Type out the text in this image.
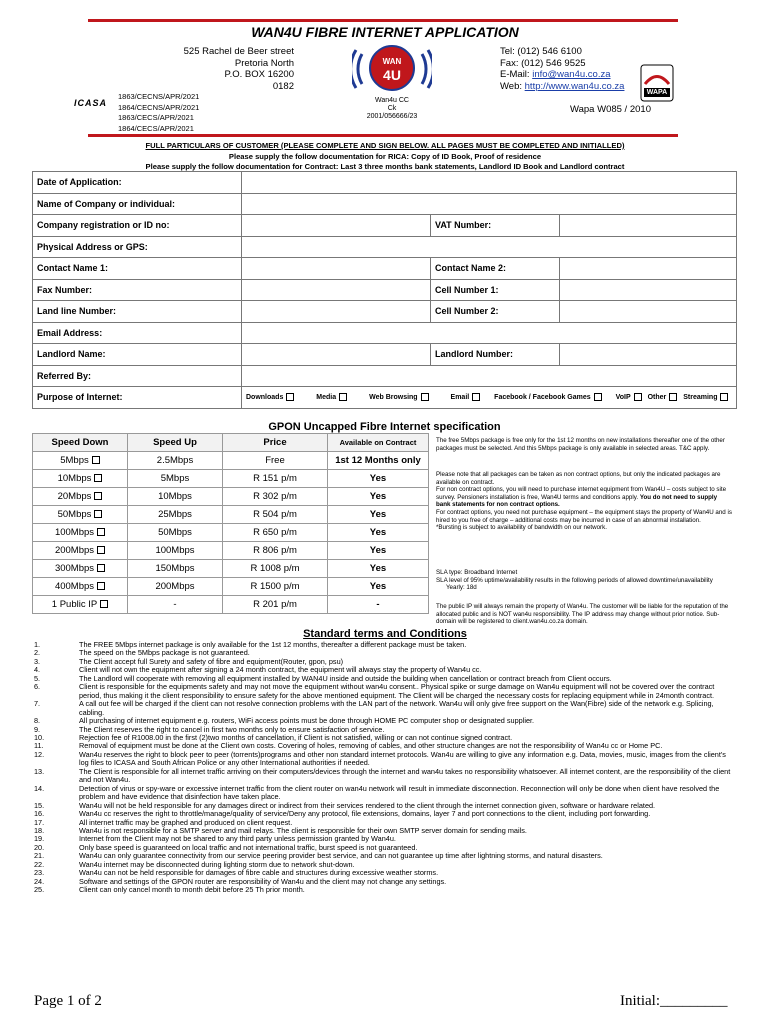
WAN4U FIBRE INTERNET APPLICATION
525 Rachel de Beer street
Pretoria North
P.O. BOX 16200
0182
1863/CECNS/APR/2021
1864/CECNS/APR/2021
1863/CECS/APR/2021
1864/CECS/APR/2021
ICASA
WAN
4U
Wan4u CC
Ck 2001/056666/23
Tel: (012) 546 6100
Fax: (012) 546 9525
E-Mail: info@wan4u.co.za
Web: http://www.wan4u.co.za
WAPA
Wapa W085 / 2010
FULL PARTICULARS OF CUSTOMER (PLEASE COMPLETE AND SIGN BELOW. ALL PAGES MUST BE COMPLETED AND INITIALLED)
Please supply the follow documentation for RICA: Copy of ID Book, Proof of residence
Please supply the follow documentation for Contract: Last 3 three months bank statements, Landlord ID Book and Landlord contract
Date of Application:			
Name of Company or individual:			
Company registration or ID no:		VAT Number:	
Physical Address or GPS:			
Contact Name 1:		Contact Name 2:	
Fax Number:		Cell Number 1:	
Land line Number:		Cell Number 2:	
Email Address:			
Landlord Name:		Landlord Number:	
Referred By:			
Purpose of Internet:	Downloads Media Web Browsing Email Facebook / Facebook Games VoIP Other Streaming		
GPON Uncapped Fibre Internet specification
Speed Down	Speed Up	Price	Available on Contract
5Mbps	2.5Mbps	Free	1st 12 Months only
10Mbps	5Mbps	R 151 p/m	Yes
20Mbps	10Mbps	R 302 p/m	Yes
50Mbps	25Mbps	R 504 p/m	Yes
100Mbps	50Mbps	R 650 p/m	Yes
200Mbps	100Mbps	R 806 p/m	Yes
300Mbps	150Mbps	R 1008 p/m	Yes
400Mbps	200Mbps	R 1500 p/m	Yes
1 Public IP	-	R 201 p/m	-
The free 5Mbps package is free only for the 1st 12 months on new installations thereafter one of the other packages must be selected. And this 5Mbps package is only available in selected areas. T&C apply.
Please note that all packages can be taken as non contract options, but only the indicated packages are available on contract.
For non contract options, you will need to purchase internet equipment from Wan4U – costs subject to site survey. Pensioners installation is free, Wan4U terms and conditions apply. You do not need to supply bank statements for non contract options.
For contract options, you need not purchase equipment – the equipment stays the property of Wan4U and is hired to you free of charge – additional costs may be incurred in case of an abnormal installation.
*Bursting is subject to availability of bandwidth on our network.
SLA type: Broadband Internet
SLA level of 95% uptime/availability results in the following periods of allowed downtime/unavailability
Yearly: 18d
The public IP will always remain the property of Wan4u. The customer will be liable for the reputation of the allocated public and is NOT wan4u responsibility. The IP address may change without prior notice. Sub-domain will be registered to client.wan4u.co.za domain.
Standard terms and Conditions
1.	The FREE 5Mbps internet package is only available for the 1st 12 months, thereafter a different package must be taken.
2.	The speed on the 5Mbps package is not guaranteed.
3.	The Client accept full Surety and safety of fibre and equipment(Router, gpon, psu)
4.	Client will not own the equipment after signing a 24 month contract, the equipment will always stay the property of Wan4u cc.
5.	The Landlord will cooperate with removing all equipment installed by WAN4U inside and outside the building when cancellation or contract breach from Client occurs.
6.	Client is responsible for the equipments safety and may not move the equipment without wan4u consent.. Physical spike or surge damage on Wan4u equipment will not be covered over the contract period, thus making it the client responsibility to ensure safety for the above mentioned equipment. The Client will be charged the necessary costs for replacing equipment while in 24month contract.
7.	A call out fee will be charged if the client can not resolve connection problems with the LAN part of the network. Wan4u will only give free support on the Wan(Fibre) side of the network e.g. Splicing, cabling.
8.	All purchasing of internet equipment e.g. routers, WiFi access points must be done through HOME PC computer shop or designated supplier.
9.	The Client reserves the right to cancel in first two months only to ensure satisfaction of service.
10.	Rejection fee of R1008.00 in the first (2)two months of cancellation, if Client is not satisfied, willing or can not continue signed contract.
11.	Removal of equipment must be done at the Client own costs. Covering of holes, removing of cables, and other structure changes are not the responsibility of Wan4u cc or Home PC.
12.	Wan4u reserves the right to block peer to peer (torrents)programs and other non standard internet protocols. Wan4u are willing to give any information e.g. Data, movies, music, images from the client's log files to ICASA and South African Police or any other International authorities if needed.
13.	The Client is responsible for all internet traffic arriving on their computers/devices through the internet and wan4u takes no responsibility whatsoever. All internet content, are the responsibility of the client and not Wan4u.
14.	Detection of virus or spy-ware or excessive internet traffic from the client router on wan4u network will result in immediate disconnection. Reconnection will only be done when client have resolved the problem and have evidence that disinfection have taken place.
15.	Wan4u will not be held responsible for any damages direct or indirect from their services rendered to the client through the internet connection given, software or hardware related.
16.	Wan4u cc reserves the right to throttle/manage/quality of service/Deny any protocol, file extensions, domains, layer 7 and port connections to the client, including port forwarding.
17.	All internet traffic may be graphed and produced on client request.
18.	Wan4u is not responsible for a SMTP server and mail relays. The client is responsible for their own SMTP server domain for sending mails.
19.	Internet from the Client may not be shared to any third party unless permission granted by Wan4u.
20.	Only base speed is guaranteed on local traffic and not international traffic, burst speed is not guaranteed.
21.	Wan4u can only guarantee connectivity from our service peering provider best service, and can not guarantee up time after lightning storms, and natural disasters.
22.	Wan4u internet may be disconnected during lighting storm due to network shut-down.
23.	Wan4u can not be held responsible for damages of fibre cable and structures during excessive weather storms.
24.	Software and settings of the GPON router are responsibility of Wan4u and the client may not change any settings.
25.	Client can only cancel month to month debit before 25 Th prior month.
Page 1 of 2	Initial:_________
